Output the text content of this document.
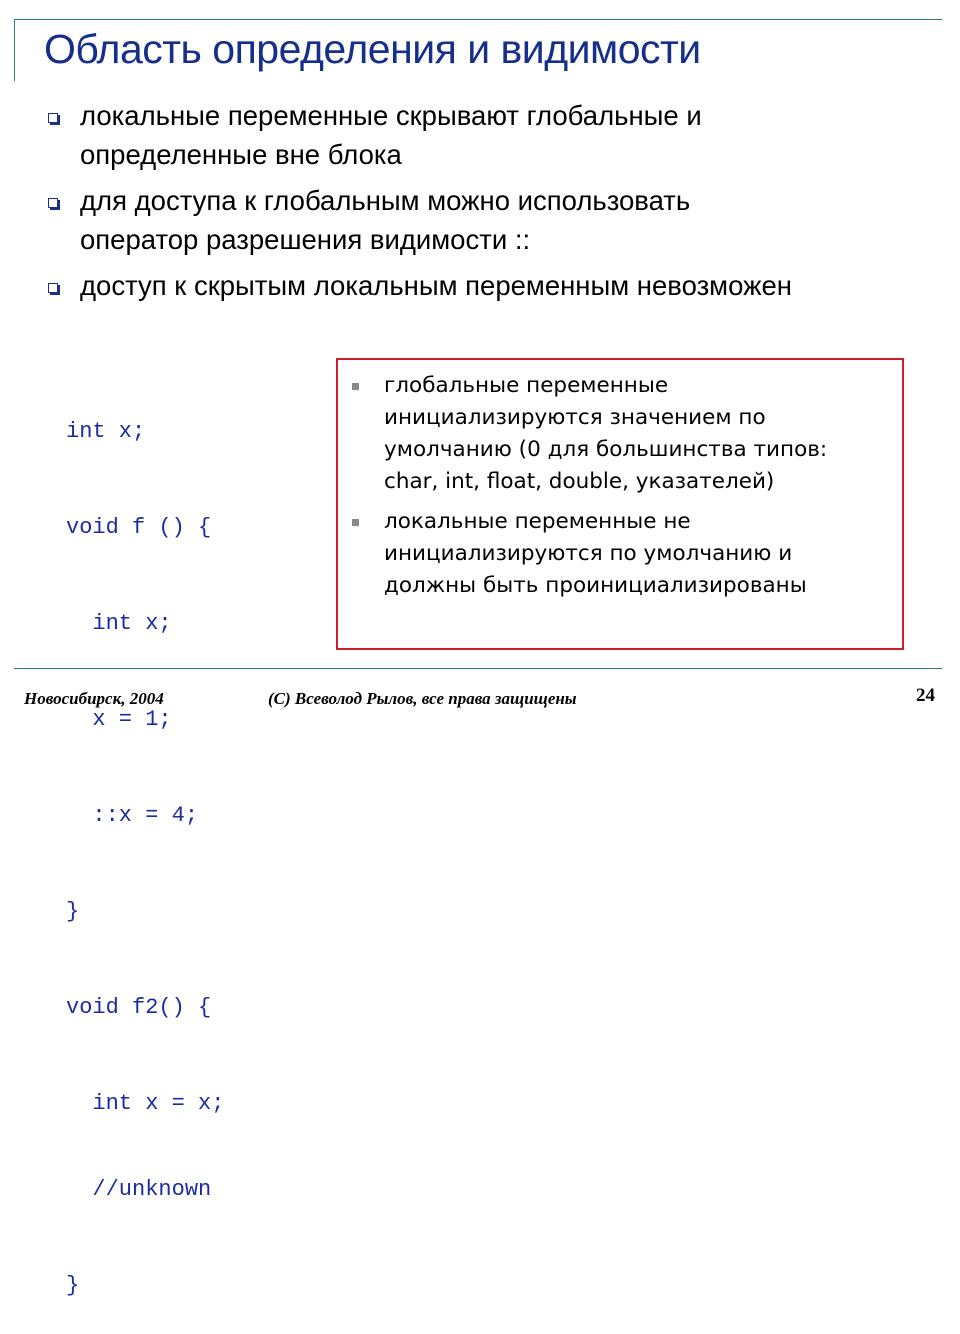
Область определения и видимости
локальные переменные скрывают глобальные и
определенные вне блока
для доступа к глобальным можно использовать
оператор разрешения видимости ::
доступ к скрытым локальным переменным невозможен

int x;

void f () {

int x;

x = 1;

::x = 4;

}

void f2() {

int x = x;

//unknown

}

глобальные переменные
инициализируются значением по
умолчанию (0 для большинства типов:
char, int, float, double, указателей)
локальные переменные не
инициализируются по умолчанию и
должны быть проинициализированы
Новосибирск, 2004	(C) Всеволод Рылов, все права защищены	24
